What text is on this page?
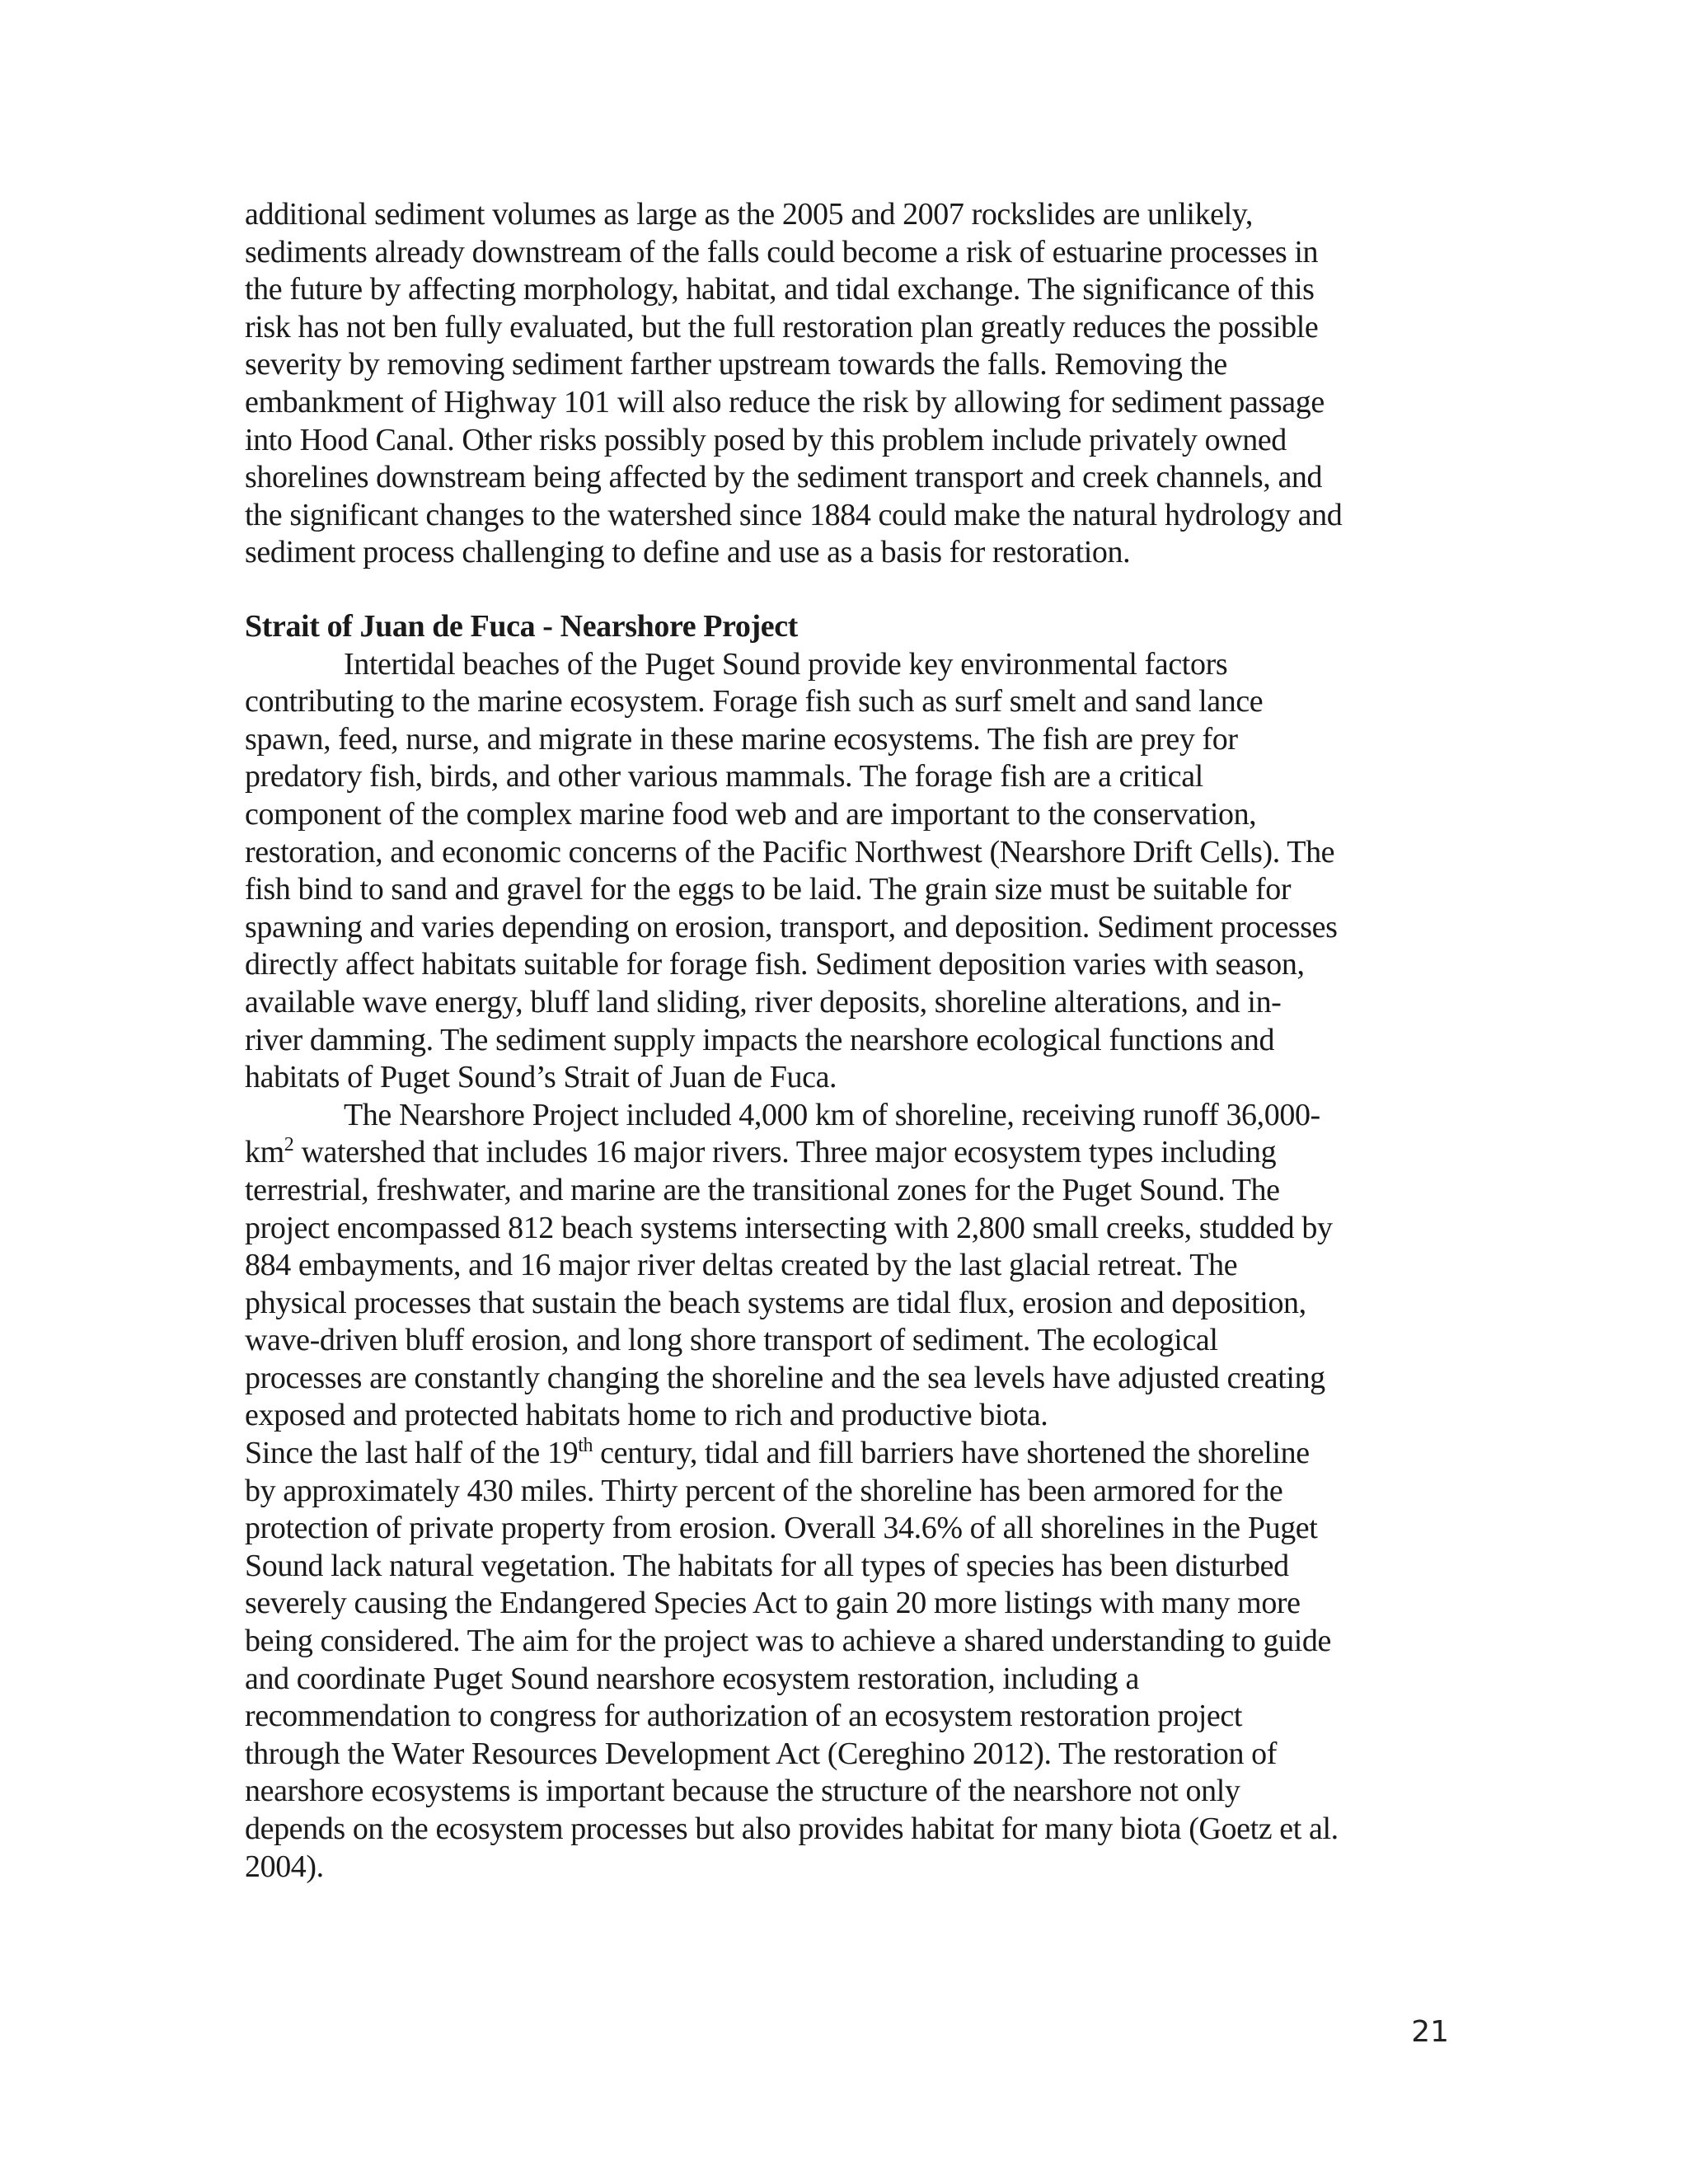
additional sediment volumes as large as the 2005 and 2007 rockslides are unlikely,
sediments already downstream of the falls could become a risk of estuarine processes in
the future by affecting morphology, habitat, and tidal exchange. The significance of this
risk has not ben fully evaluated, but the full restoration plan greatly reduces the possible
severity by removing sediment farther upstream towards the falls. Removing the
embankment of Highway 101 will also reduce the risk by allowing for sediment passage
into Hood Canal. Other risks possibly posed by this problem include privately owned
shorelines downstream being affected by the sediment transport and creek channels, and
the significant changes to the watershed since 1884 could make the natural hydrology and
sediment process challenging to define and use as a basis for restoration.
Strait of Juan de Fuca - Nearshore Project
Intertidal beaches of the Puget Sound provide key environmental factors
contributing to the marine ecosystem. Forage fish such as surf smelt and sand lance
spawn, feed, nurse, and migrate in these marine ecosystems. The fish are prey for
predatory fish, birds, and other various mammals. The forage fish are a critical
component of the complex marine food web and are important to the conservation,
restoration, and economic concerns of the Pacific Northwest (Nearshore Drift Cells). The
fish bind to sand and gravel for the eggs to be laid. The grain size must be suitable for
spawning and varies depending on erosion, transport, and deposition. Sediment processes
directly affect habitats suitable for forage fish. Sediment deposition varies with season,
available wave energy, bluff land sliding, river deposits, shoreline alterations, and in-
river damming. The sediment supply impacts the nearshore ecological functions and
habitats of Puget Sound’s Strait of Juan de Fuca.
The Nearshore Project included 4,000 km of shoreline, receiving runoff 36,000-
$km^2$ watershed that includes 16 major rivers. Three major ecosystem types including
terrestrial, freshwater, and marine are the transitional zones for the Puget Sound. The
project encompassed 812 beach systems intersecting with 2,800 small creeks, studded by
884 embayments, and 16 major river deltas created by the last glacial retreat. The
physical processes that sustain the beach systems are tidal flux, erosion and deposition,
wave-driven bluff erosion, and long shore transport of sediment. The ecological
processes are constantly changing the shoreline and the sea levels have adjusted creating
exposed and protected habitats home to rich and productive biota.
Since the last half of the 19th century, tidal and fill barriers have shortened the shoreline
by approximately 430 miles. Thirty percent of the shoreline has been armored for the
protection of private property from erosion. Overall 34.6% of all shorelines in the Puget
Sound lack natural vegetation. The habitats for all types of species has been disturbed
severely causing the Endangered Species Act to gain 20 more listings with many more
being considered. The aim for the project was to achieve a shared understanding to guide
and coordinate Puget Sound nearshore ecosystem restoration, including a
recommendation to congress for authorization of an ecosystem restoration project
through the Water Resources Development Act (Cereghino 2012). The restoration of
nearshore ecosystems is important because the structure of the nearshore not only
depends on the ecosystem processes but also provides habitat for many biota (Goetz et al.
2004).
21
